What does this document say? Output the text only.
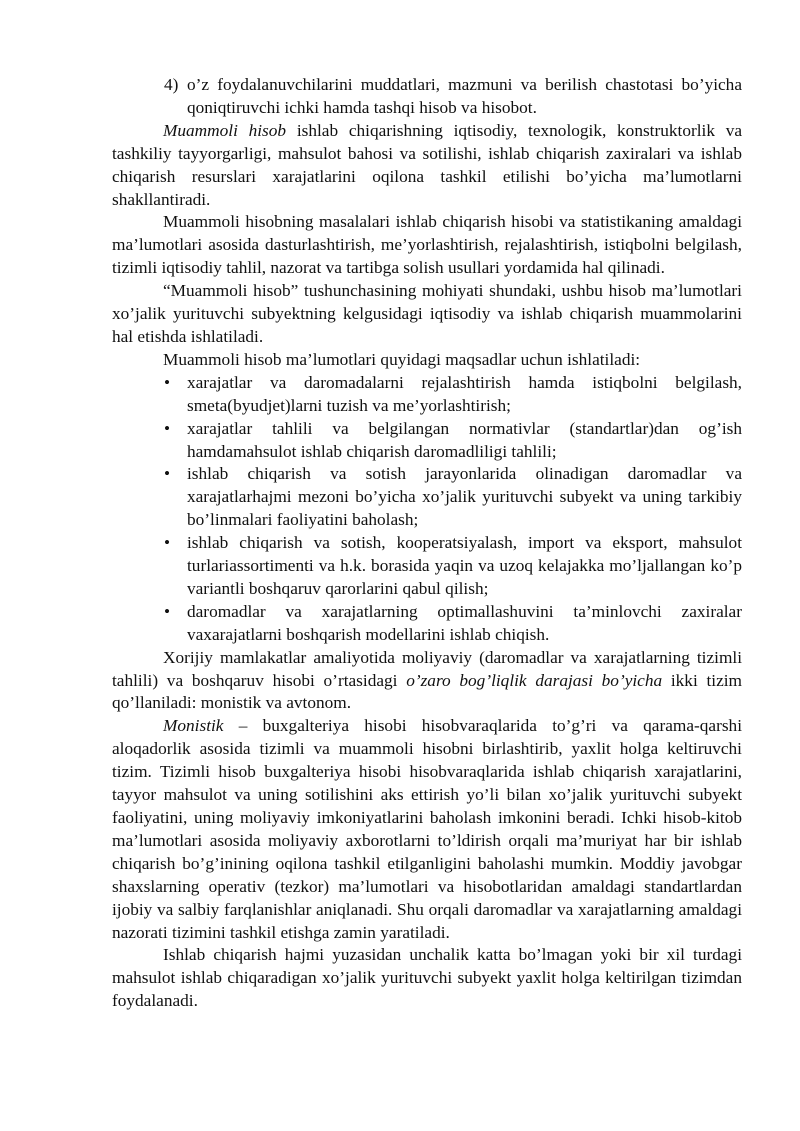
4) o’z foydalanuvchilarini muddatlari, mazmuni va berilish chastotasi bo’yicha qoniqtiruvchi ichki hamda tashqi hisob va hisobot.

Muammoli hisob ishlab chiqarishning iqtisodiy, texnologik, konstruktorlik va tashkiliy tayyorgarligi, mahsulot bahosi va sotilishi, ishlab chiqarish zaxiralari va ishlab chiqarish resurslari xarajatlarini oqilona tashkil etilishi bo’yicha ma’lumotlarni shakllantiradi.

Muammoli hisobning masalalari ishlab chiqarish hisobi va statistikaning amaldagi ma’lumotlari asosida dasturlashtirish, me’yorlashtirish, rejalashtirish, istiqbolni belgilash, tizimli iqtisodiy tahlil, nazorat va tartibga solish usullari yordamida hal qilinadi.

“Muammoli hisob” tushunchasining mohiyati shundaki, ushbu hisob ma’lumotlari xo’jalik yurituvchi subyektning kelgusidagi iqtisodiy va ishlab chiqarish muammolarini hal etishda ishlatiladi.

Muammoli hisob ma’lumotlari quyidagi maqsadlar uchun ishlatiladi:

• xarajatlar va daromadalarni rejalashtirish hamda istiqbolni belgilash, smeta(byudjet)larni tuzish va me’yorlashtirish;
• xarajatlar tahlili va belgilangan normativlar (standartlar)dan og’ish hamdamahsulot ishlab chiqarish daromadliligi tahlili;
• ishlab chiqarish va sotish jarayonlarida olinadigan daromadlar va xarajatlarhajmi mezoni bo’yicha xo’jalik yurituvchi subyekt va uning tarkibiy bo’linmalari faoliyatini baholash;
• ishlab chiqarish va sotish, kooperatsiyalash, import va eksport, mahsulot turlariassortimenti va h.k. borasida yaqin va uzoq kelajakka mo’ljallangan ko’p variantli boshqaruv qarorlarini qabul qilish;
• daromadlar va xarajatlarning optimallashuvini ta’minlovchi zaxiralar vaxarajatlarni boshqarish modellarini ishlab chiqish.

Xorijiy mamlakatlar amaliyotida moliyaviy (daromadlar va xarajatlarning tizimli tahlili) va boshqaruv hisobi o’rtasidagi o’zaro bog’liqlik darajasi bo’yicha ikki tizim qo’llaniladi: monistik va avtonom.

Monistik – buxgalteriya hisobi hisobvaraqlarida to’g’ri va qarama-qarshi aloqadorlik asosida tizimli va muammoli hisobni birlashtirib, yaxlit holga keltiruvchi tizim. Tizimli hisob buxgalteriya hisobi hisobvaraqlarida ishlab chiqarish xarajatlarini, tayyor mahsulot va uning sotilishini aks ettirish yo’li bilan xo’jalik yurituvchi subyekt faoliyatini, uning moliyaviy imkoniyatlarini baholash imkonini beradi. Ichki hisob-kitob ma’lumotlari asosida moliyaviy axborotlarni to’ldirish orqali ma’muriyat har bir ishlab chiqarish bo’g’inining oqilona tashkil etilganligini baholashi mumkin. Moddiy javobgar shaxslarning operativ (tezkor) ma’lumotlari va hisobotlaridan amaldagi standartlardan ijobiy va salbiy farqlanishlar aniqlanadi. Shu orqali daromadlar va xarajatlarning amaldagi nazorati tizimini tashkil etishga zamin yaratiladi.

Ishlab chiqarish hajmi yuzasidan unchalik katta bo’lmagan yoki bir xil turdagi mahsulot ishlab chiqaradigan xo’jalik yurituvchi subyekt yaxlit holga keltirilgan tizimdan foydalanadi.
